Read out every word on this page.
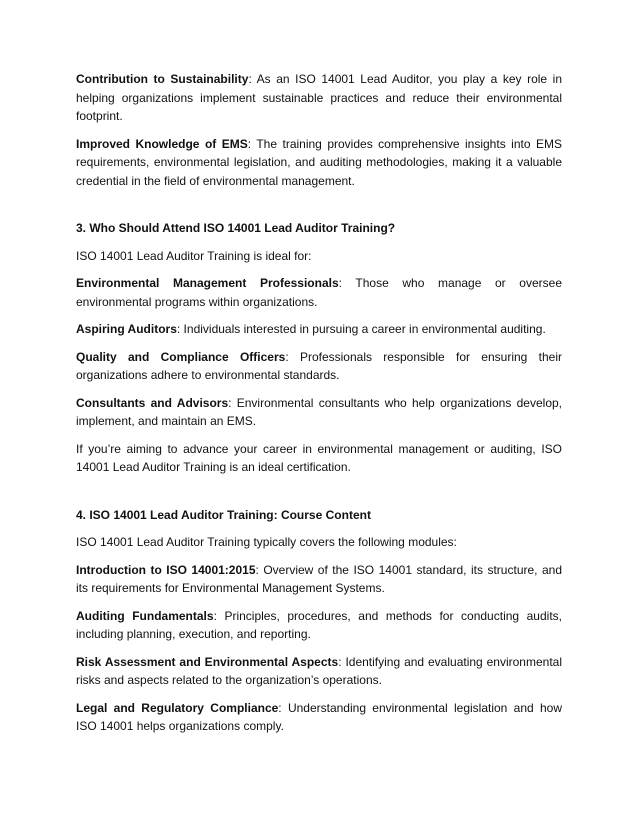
Contribution to Sustainability: As an ISO 14001 Lead Auditor, you play a key role in helping organizations implement sustainable practices and reduce their environmental footprint.

Improved Knowledge of EMS: The training provides comprehensive insights into EMS requirements, environmental legislation, and auditing methodologies, making it a valuable credential in the field of environmental management.

3. Who Should Attend ISO 14001 Lead Auditor Training?

ISO 14001 Lead Auditor Training is ideal for:

Environmental Management Professionals: Those who manage or oversee environmental programs within organizations.

Aspiring Auditors: Individuals interested in pursuing a career in environmental auditing.

Quality and Compliance Officers: Professionals responsible for ensuring their organizations adhere to environmental standards.

Consultants and Advisors: Environmental consultants who help organizations develop, implement, and maintain an EMS.

If you’re aiming to advance your career in environmental management or auditing, ISO 14001 Lead Auditor Training is an ideal certification.

4. ISO 14001 Lead Auditor Training: Course Content

ISO 14001 Lead Auditor Training typically covers the following modules:

Introduction to ISO 14001:2015: Overview of the ISO 14001 standard, its structure, and its requirements for Environmental Management Systems.

Auditing Fundamentals: Principles, procedures, and methods for conducting audits, including planning, execution, and reporting.

Risk Assessment and Environmental Aspects: Identifying and evaluating environmental risks and aspects related to the organization’s operations.

Legal and Regulatory Compliance: Understanding environmental legislation and how ISO 14001 helps organizations comply.
